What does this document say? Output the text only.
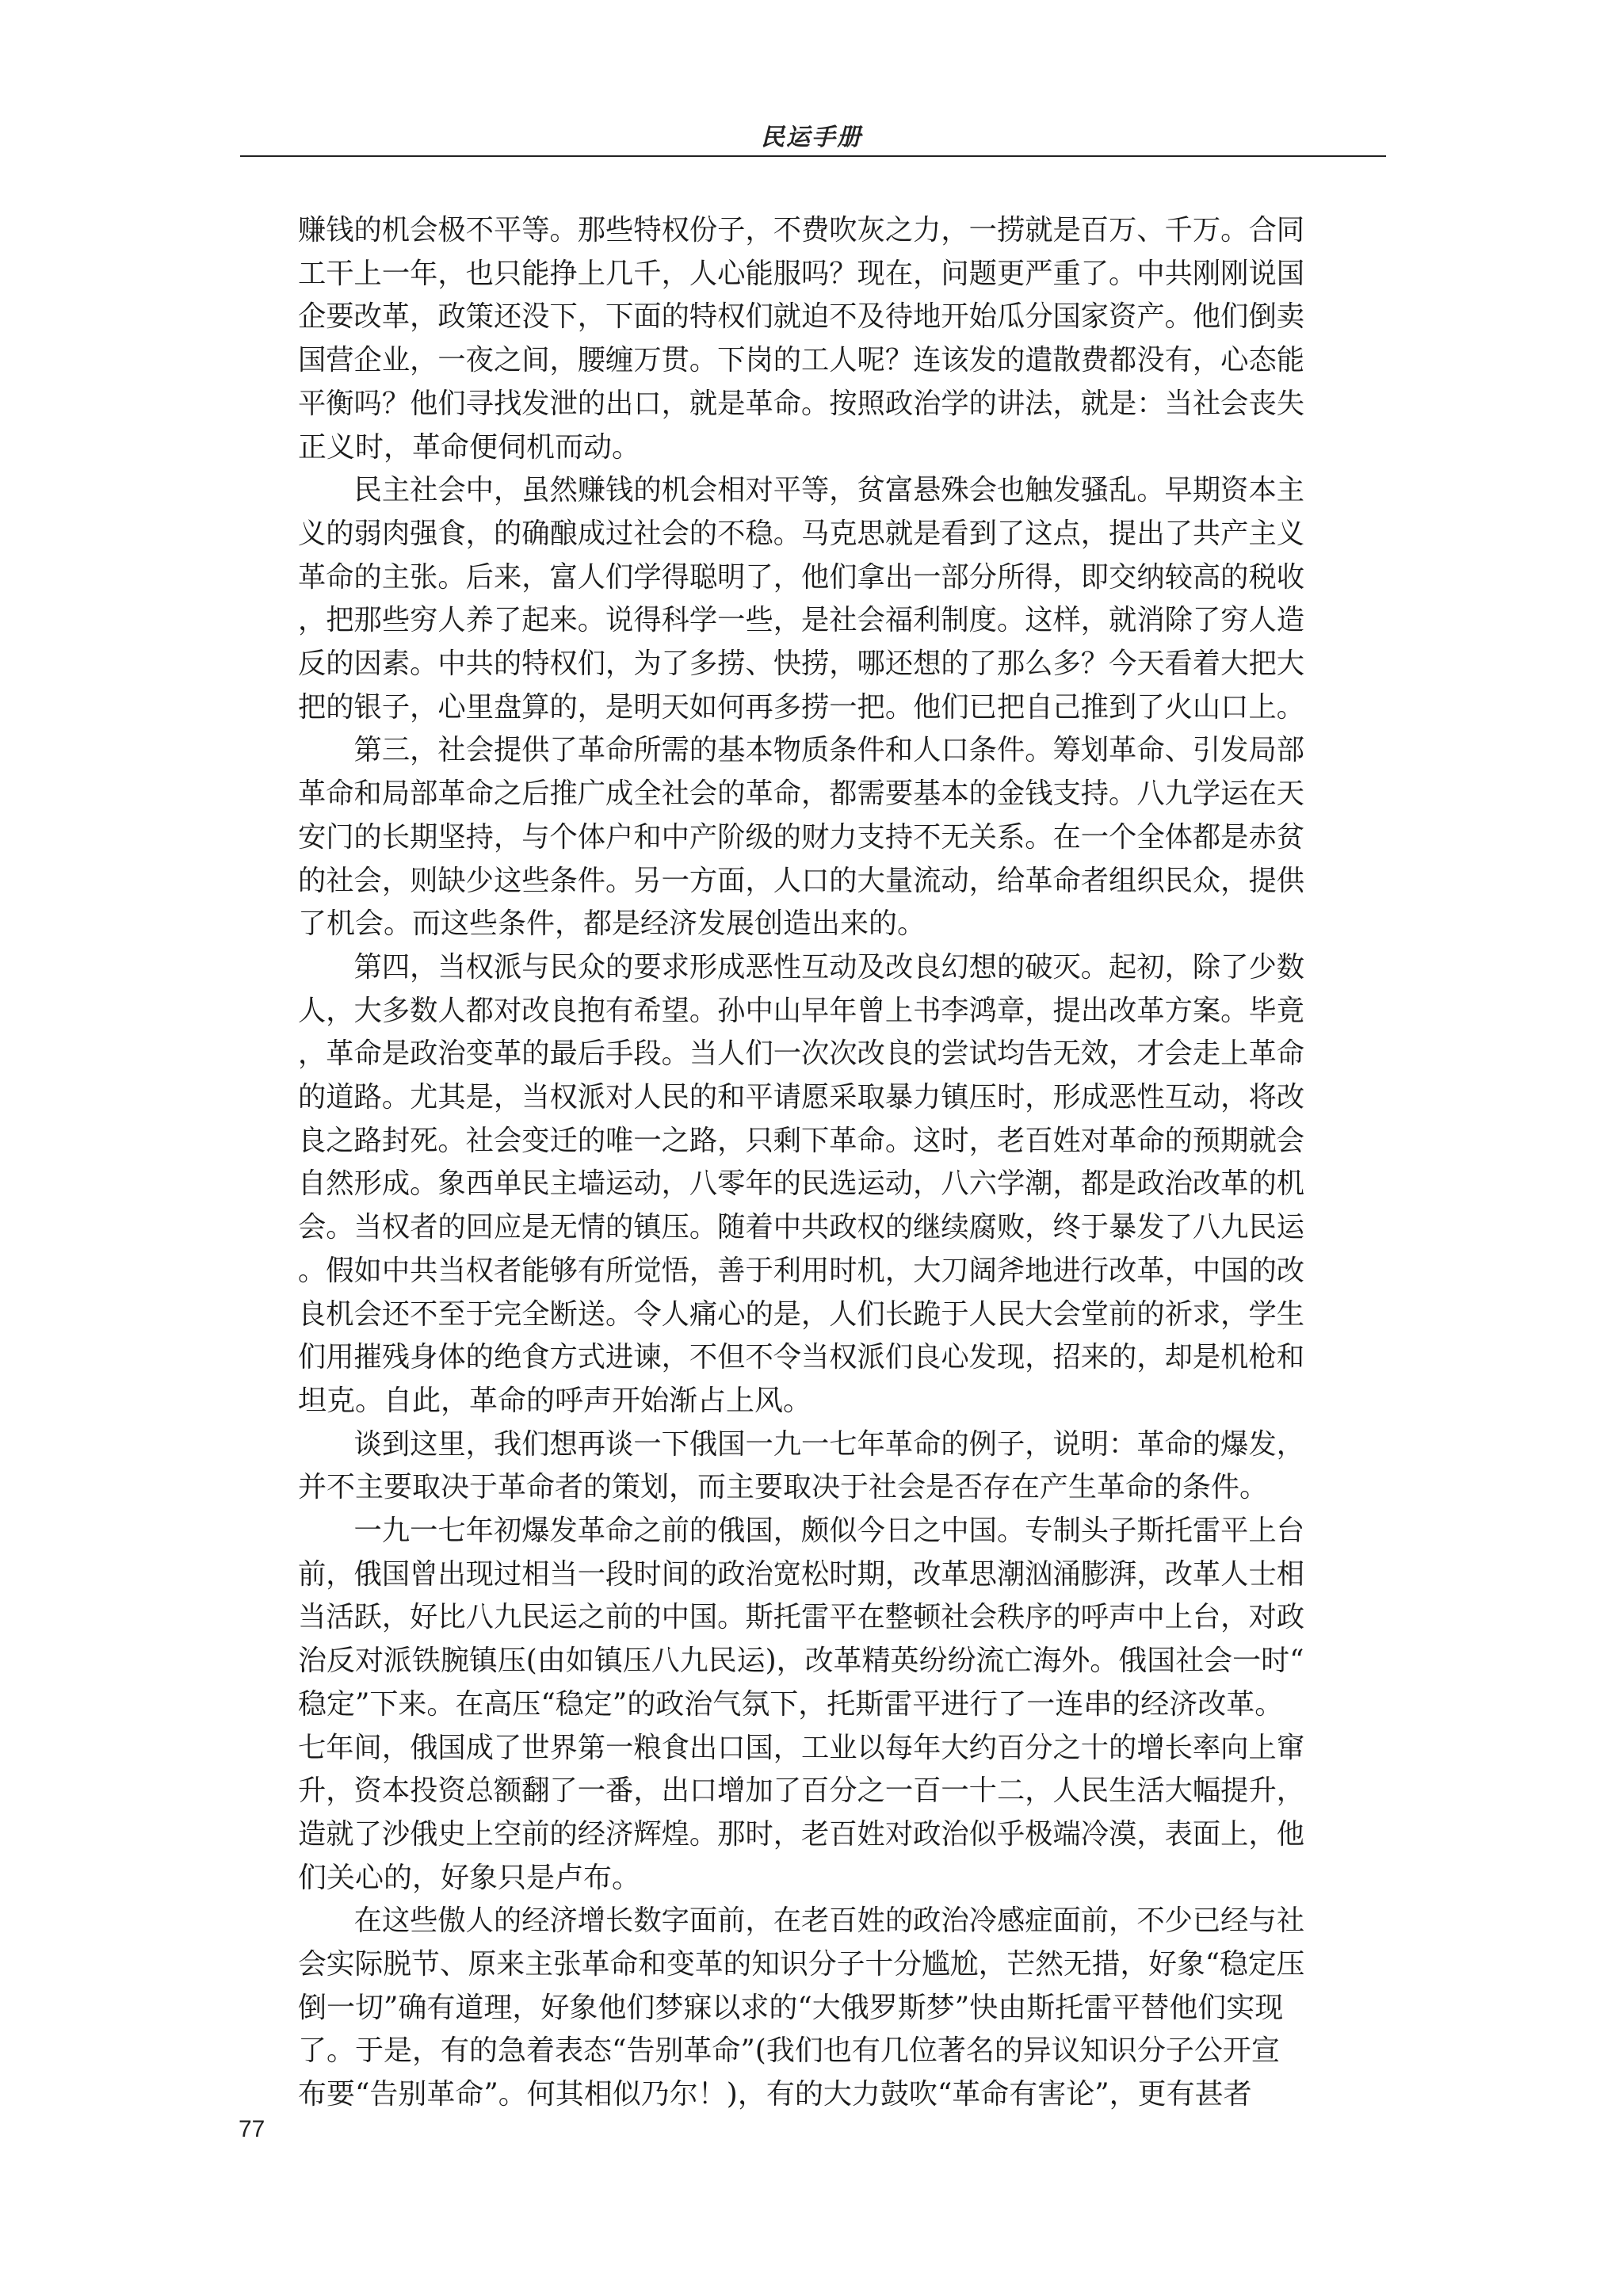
民运手册
赚钱的机会极不平等。那些特权份子，不费吹灰之力，一捞就是百万、千万。合同
工干上一年，也只能挣上几千，人心能服吗？现在，问题更严重了。中共刚刚说国
企要改革，政策还没下，下面的特权们就迫不及待地开始瓜分国家资产。他们倒卖
国营企业，一夜之间，腰缠万贯。下岗的工人呢？连该发的遣散费都没有，心态能
平衡吗？他们寻找发泄的出口，就是革命。按照政治学的讲法，就是：当社会丧失
正义时，革命便伺机而动。
　　民主社会中，虽然赚钱的机会相对平等，贫富悬殊会也触发骚乱。早期资本主
义的弱肉强食，的确酿成过社会的不稳。马克思就是看到了这点，提出了共产主义
革命的主张。后来，富人们学得聪明了，他们拿出一部分所得，即交纳较高的税收
，把那些穷人养了起来。说得科学一些，是社会福利制度。这样，就消除了穷人造
反的因素。中共的特权们，为了多捞、快捞，哪还想的了那么多？今天看着大把大
把的银子，心里盘算的，是明天如何再多捞一把。他们已把自己推到了火山口上。
　　第三，社会提供了革命所需的基本物质条件和人口条件。筹划革命、引发局部
革命和局部革命之后推广成全社会的革命，都需要基本的金钱支持。八九学运在天
安门的长期坚持，与个体户和中产阶级的财力支持不无关系。在一个全体都是赤贫
的社会，则缺少这些条件。另一方面，人口的大量流动，给革命者组织民众，提供
了机会。而这些条件，都是经济发展创造出来的。
　　第四，当权派与民众的要求形成恶性互动及改良幻想的破灭。起初，除了少数
人，大多数人都对改良抱有希望。孙中山早年曾上书李鸿章，提出改革方案。毕竟
，革命是政治变革的最后手段。当人们一次次改良的尝试均告无效，才会走上革命
的道路。尤其是，当权派对人民的和平请愿采取暴力镇压时，形成恶性互动，将改
良之路封死。社会变迁的唯一之路，只剩下革命。这时，老百姓对革命的预期就会
自然形成。象西单民主墙运动，八零年的民选运动，八六学潮，都是政治改革的机
会。当权者的回应是无情的镇压。随着中共政权的继续腐败，终于暴发了八九民运
。假如中共当权者能够有所觉悟，善于利用时机，大刀阔斧地进行改革，中国的改
良机会还不至于完全断送。令人痛心的是，人们长跪于人民大会堂前的祈求，学生
们用摧残身体的绝食方式进谏，不但不令当权派们良心发现，招来的，却是机枪和
坦克。自此，革命的呼声开始渐占上风。
　　谈到这里，我们想再谈一下俄国一九一七年革命的例子，说明：革命的爆发，
并不主要取决于革命者的策划，而主要取决于社会是否存在产生革命的条件。
　　一九一七年初爆发革命之前的俄国，颇似今日之中国。专制头子斯托雷平上台
前，俄国曾出现过相当一段时间的政治宽松时期，改革思潮汹涌膨湃，改革人士相
当活跃，好比八九民运之前的中国。斯托雷平在整顿社会秩序的呼声中上台，对政
治反对派铁腕镇压(由如镇压八九民运)，改革精英纷纷流亡海外。俄国社会一时“
稳定”下来。在高压“稳定”的政治气氛下，托斯雷平进行了一连串的经济改革。
七年间，俄国成了世界第一粮食出口国，工业以每年大约百分之十的增长率向上窜
升，资本投资总额翻了一番，出口增加了百分之一百一十二，人民生活大幅提升，
造就了沙俄史上空前的经济辉煌。那时，老百姓对政治似乎极端冷漠，表面上，他
们关心的，好象只是卢布。
　　在这些傲人的经济增长数字面前，在老百姓的政治冷感症面前，不少已经与社
会实际脱节、原来主张革命和变革的知识分子十分尴尬，芒然无措，好象“稳定压
倒一切”确有道理，好象他们梦寐以求的“大俄罗斯梦”快由斯托雷平替他们实现
了。于是，有的急着表态“告别革命”(我们也有几位著名的异议知识分子公开宣
布要“告别革命”。何其相似乃尔！)，有的大力鼓吹“革命有害论”，更有甚者
77
